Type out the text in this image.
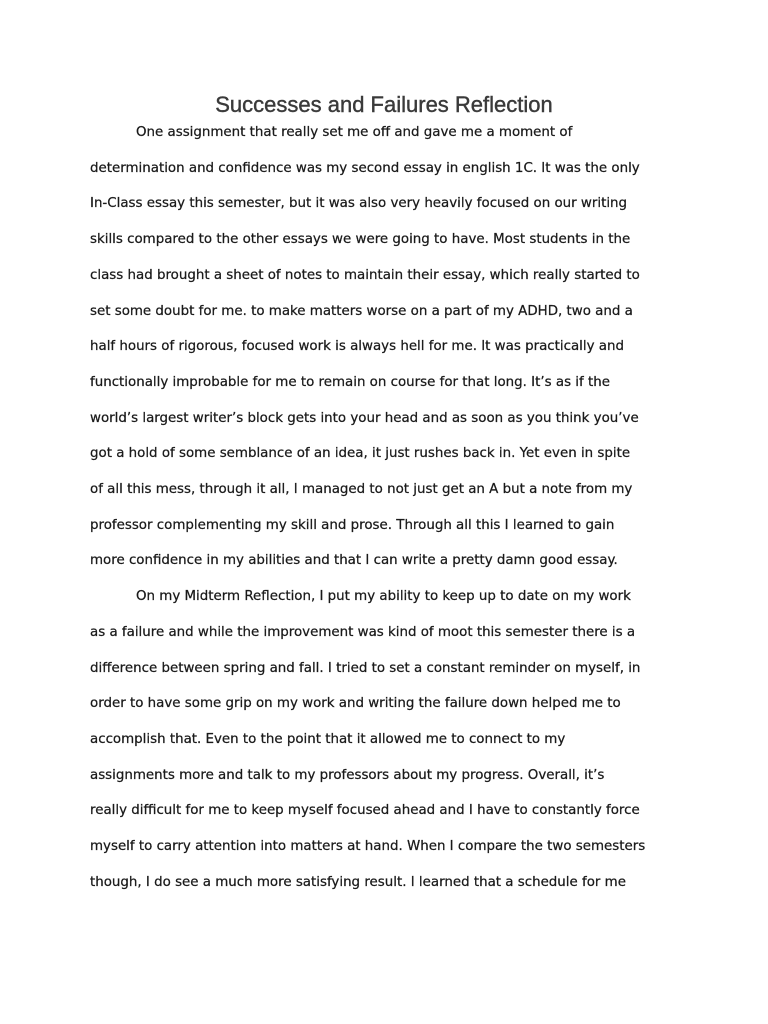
Successes and Failures Reflection
One assignment that really set me off and gave me a moment of
determination and confidence was my second essay in english 1C. It was the only
In-Class essay this semester, but it was also very heavily focused on our writing
skills compared to the other essays we were going to have. Most students in the
class had brought a sheet of notes to maintain their essay, which really started to
set some doubt for me. to make matters worse on a part of my ADHD, two and a
half hours of rigorous, focused work is always hell for me. It was practically and
functionally improbable for me to remain on course for that long. It’s as if the
world’s largest writer’s block gets into your head and as soon as you think you’ve
got a hold of some semblance of an idea, it just rushes back in. Yet even in spite
of all this mess, through it all, I managed to not just get an A but a note from my
professor complementing my skill and prose. Through all this I learned to gain
more confidence in my abilities and that I can write a pretty damn good essay.
On my Midterm Reflection, I put my ability to keep up to date on my work
as a failure and while the improvement was kind of moot this semester there is a
difference between spring and fall. I tried to set a constant reminder on myself, in
order to have some grip on my work and writing the failure down helped me to
accomplish that. Even to the point that it allowed me to connect to my
assignments more and talk to my professors about my progress. Overall, it’s
really difficult for me to keep myself focused ahead and I have to constantly force
myself to carry attention into matters at hand. When I compare the two semesters
though, I do see a much more satisfying result. I learned that a schedule for me
